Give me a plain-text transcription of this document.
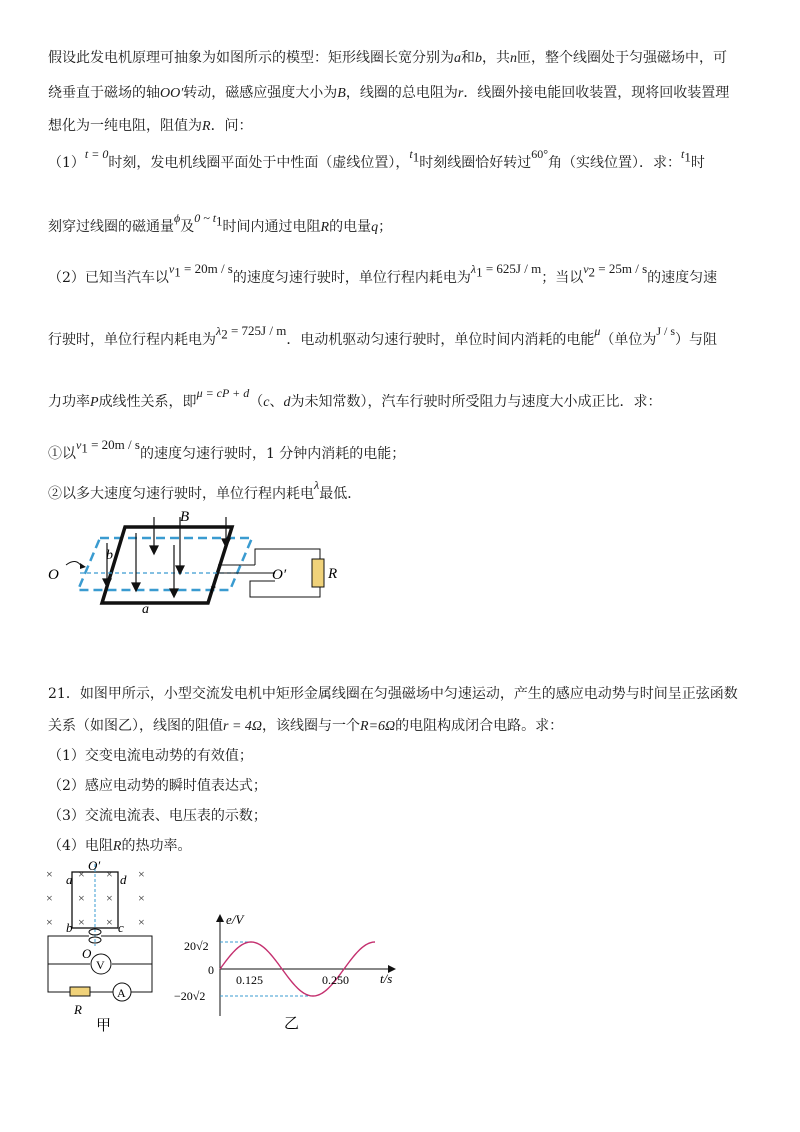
假设此发电机原理可抽象为如图所示的模型：矩形线圈长宽分别为a和b，共n匝，整个线圈处于匀强磁场中，可
绕垂直于磁场的轴OO′转动，磁感应强度大小为B，线圈的总电阻为r．线圈外接电能回收装置，现将回收装置理
想化为一纯电阻，阻值为R．问：
（1）t = 0时刻，发电机线圈平面处于中性面（虚线位置），$t_1$时刻线圈恰好转过60°角（实线位置）．求：$t_1$时
刻穿过线圈的磁通量ϕ及0 ~ $t_1$时间内通过电阻R的电量q；
（2）已知当汽车以$v_1 = 20m / s$的速度匀速行驶时，单位行程内耗电为$\lambda_1 = 625J / m$；当以$v_2 = 25m / s$的速度匀速
行驶时，单位行程内耗电为$\lambda_2 = 725J / m$．电动机驱动匀速行驶时，单位时间内消耗的电能μ（单位为J / s）与阻
力功率P成线性关系，即μ = cP + d（c、d为未知常数），汽车行驶时所受阻力与速度大小成正比．求：
①以$v_1 = 20m / s$的速度匀速行驶时，1 分钟内消耗的电能；
②以多大速度匀速行驶时，单位行程内耗电λ最低．
B
b
O
r
a
O′	R
21．如图甲所示，小型交流发电机中矩形金属线圈在匀强磁场中匀速运动，产生的感应电动势与时间呈正弦函数
关系（如图乙），线图的阻值r = 4Ω，该线圈与一个R=6Ω的电阻构成闭合电路。求：
（1）交变电流电动势的有效值；
（2）感应电动势的瞬时值表达式；
（3）交流电流表、电压表的示数；
（4）电阻R的热功率。
×	×
× × × ×
× × × ×
× ×
V
A
O′
a	d
b	c
O
R
甲
e/V
t/s
20√2
0
−20√2
0.125	0.250
乙
